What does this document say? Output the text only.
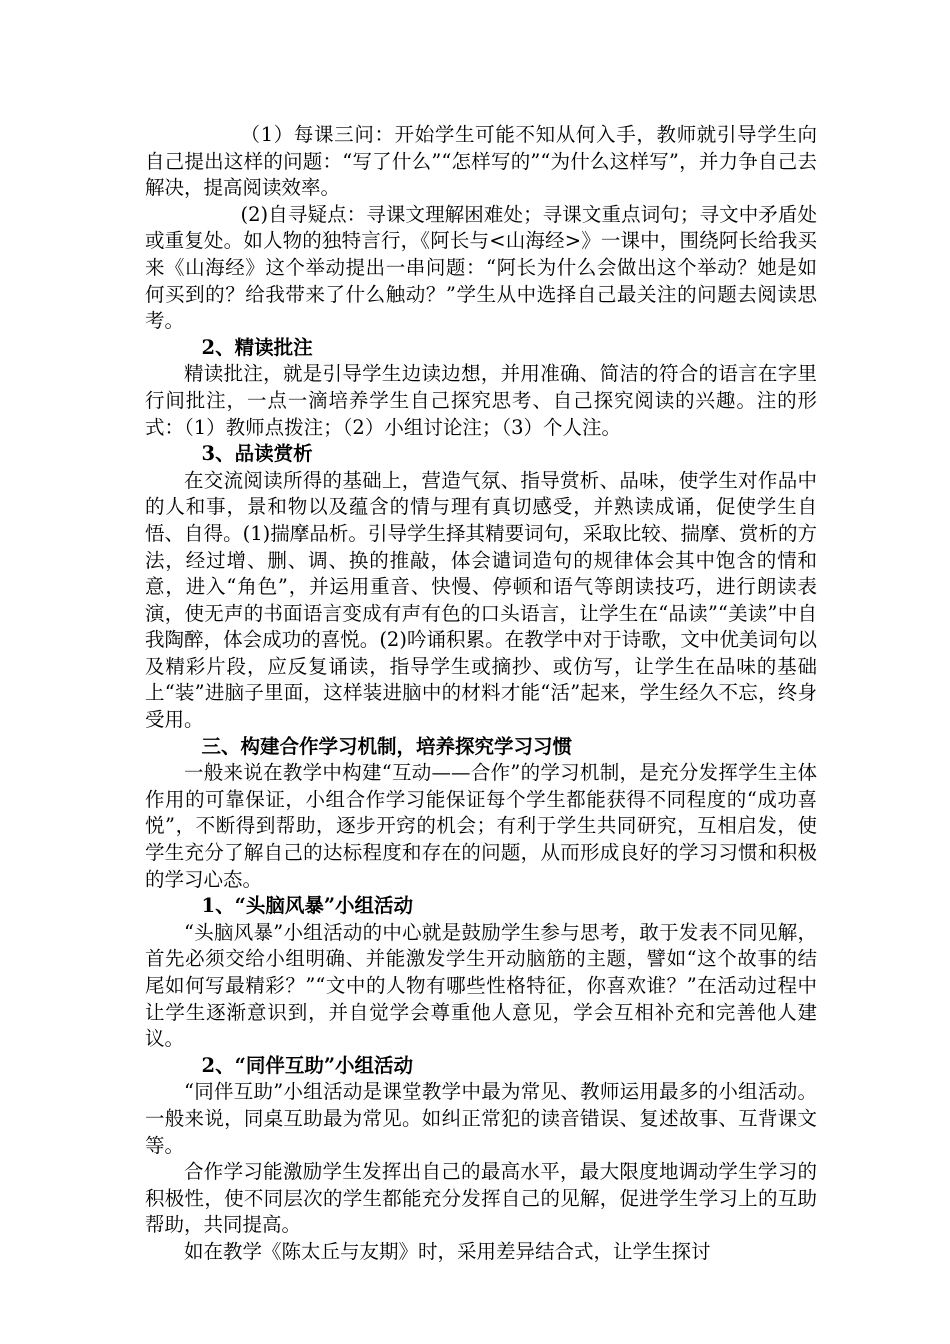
（1）每课三问：开始学生可能不知从何入手，教师就引导学生向自己提出这样的问题：“写了什么”“怎样写的”“为什么这样写”，并力争自己去解决，提高阅读效率。

(2)自寻疑点：寻课文理解困难处；寻课文重点词句；寻文中矛盾处或重复处。如人物的独特言行，《阿长与<山海经>》一课中，围绕阿长给我买来《山海经》这个举动提出一串问题：“阿长为什么会做出这个举动？她是如何买到的？给我带来了什么触动？”学生从中选择自己最关注的问题去阅读思考。

2、精读批注

精读批注，就是引导学生边读边想，并用准确、简洁的符合的语言在字里行间批注，一点一滴培养学生自己探究思考、自己探究阅读的兴趣。注的形式：（1）教师点拨注；（2）小组讨论注；（3）个人注。

3、品读赏析

在交流阅读所得的基础上，营造气氛、指导赏析、品味，使学生对作品中的人和事，景和物以及蕴含的情与理有真切感受，并熟读成诵，促使学生自悟、自得。(1)揣摩品析。引导学生择其精要词句，采取比较、揣摩、赏析的方法，经过增、删、调、换的推敲，体会谴词造句的规律体会其中饱含的情和意，进入“角色”，并运用重音、快慢、停顿和语气等朗读技巧，进行朗读表演，使无声的书面语言变成有声有色的口头语言，让学生在“品读”“美读”中自我陶醉，体会成功的喜悦。(2)吟诵积累。在教学中对于诗歌，文中优美词句以及精彩片段，应反复诵读，指导学生或摘抄、或仿写，让学生在品味的基础上“装”进脑子里面，这样装进脑中的材料才能“活”起来，学生经久不忘，终身受用。

三、构建合作学习机制，培养探究学习习惯

一般来说在教学中构建“互动——合作”的学习机制，是充分发挥学生主体作用的可靠保证，小组合作学习能保证每个学生都能获得不同程度的“成功喜悦”，不断得到帮助，逐步开窍的机会；有利于学生共同研究，互相启发，使学生充分了解自己的达标程度和存在的问题，从而形成良好的学习习惯和积极的学习心态。

1、“头脑风暴”小组活动

“头脑风暴”小组活动的中心就是鼓励学生参与思考，敢于发表不同见解，首先必须交给小组明确、并能激发学生开动脑筋的主题，譬如“这个故事的结尾如何写最精彩？”“文中的人物有哪些性格特征，你喜欢谁？”在活动过程中让学生逐渐意识到，并自觉学会尊重他人意见，学会互相补充和完善他人建议。

2、“同伴互助”小组活动

“同伴互助”小组活动是课堂教学中最为常见、教师运用最多的小组活动。一般来说，同桌互助最为常见。如纠正常犯的读音错误、复述故事、互背课文等。

合作学习能激励学生发挥出自己的最高水平，最大限度地调动学生学习的积极性，使不同层次的学生都能充分发挥自己的见解，促进学生学习上的互助帮助，共同提高。

如在教学《陈太丘与友期》时，采用差异结合式，让学生探讨
